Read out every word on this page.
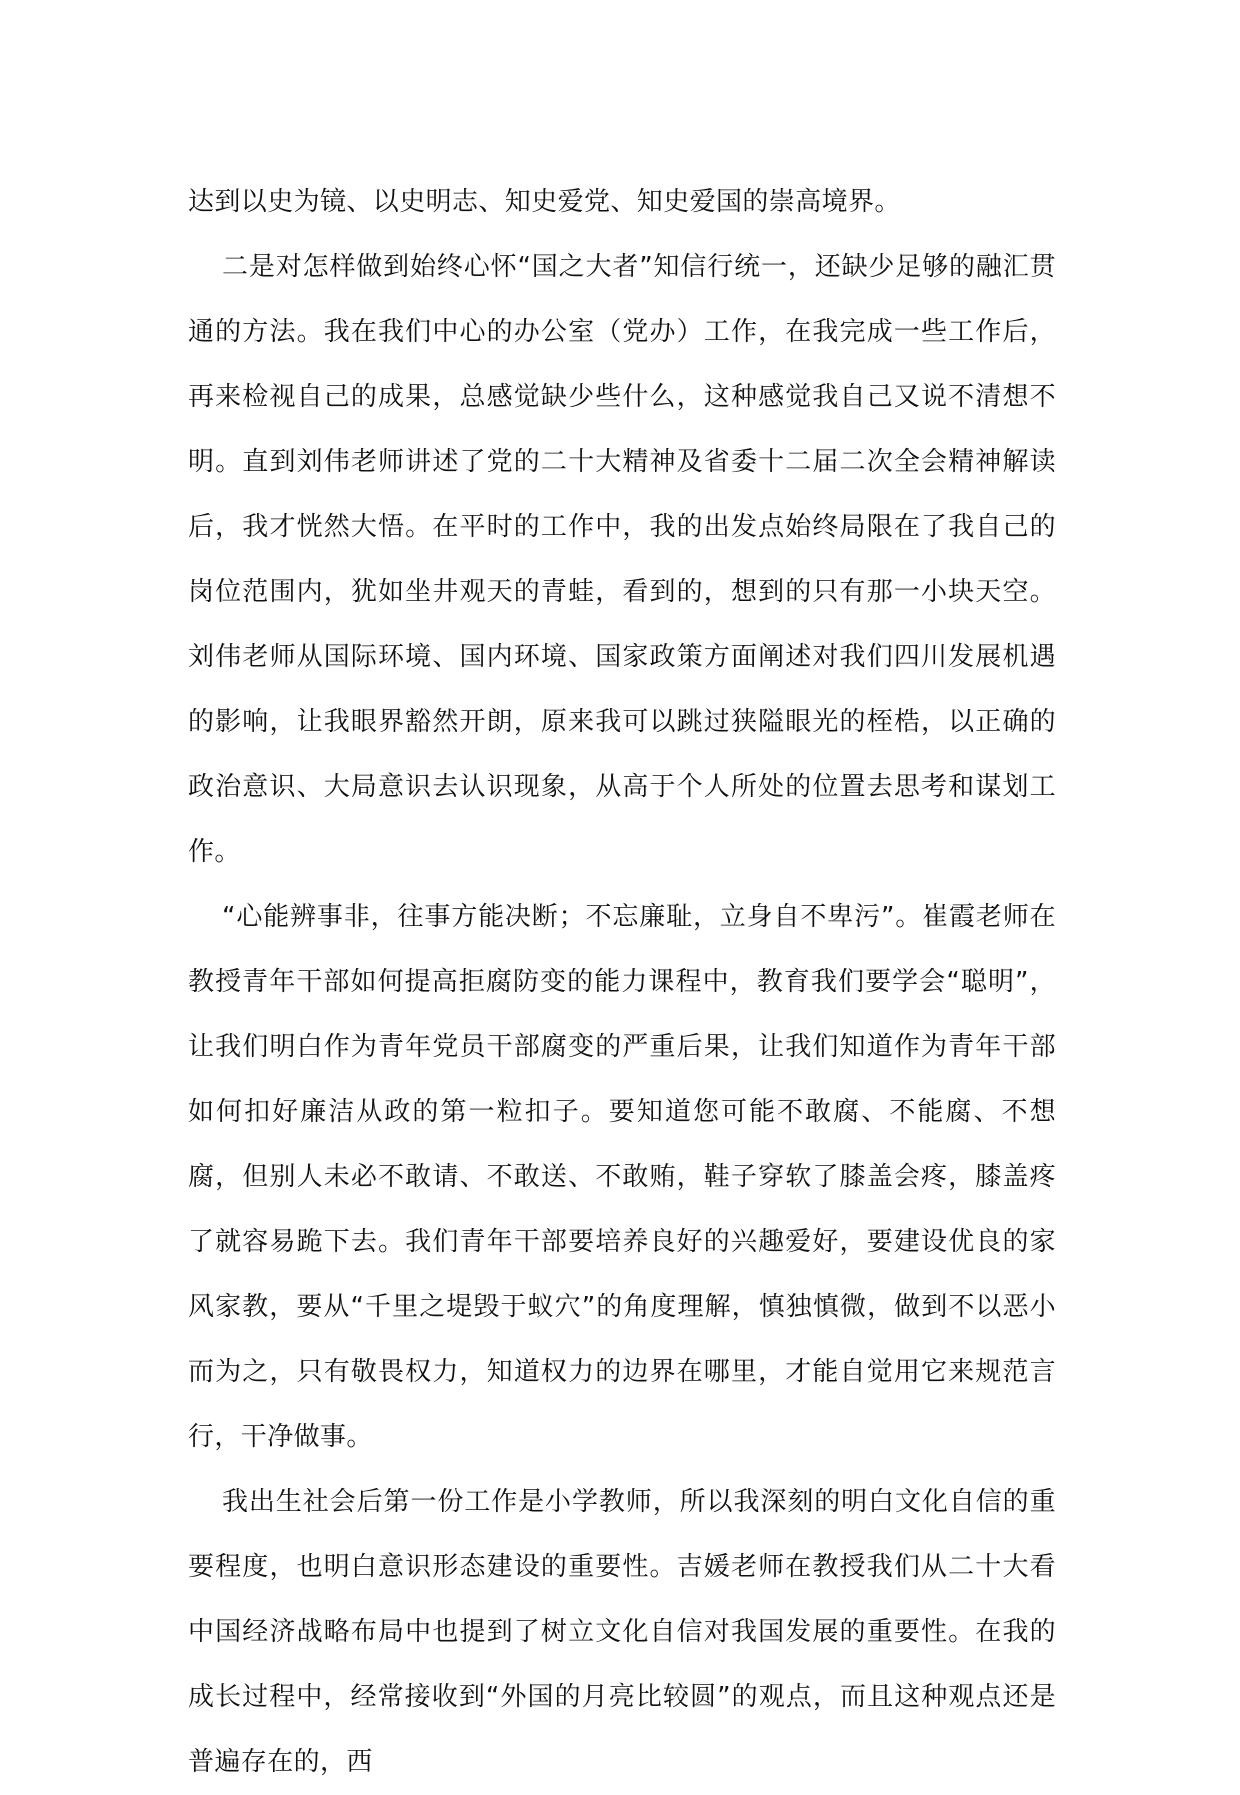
达到以史为镜、以史明志、知史爱党、知史爱国的崇高境界。

二是对怎样做到始终心怀“国之大者”知信行统一，还缺少足够的融汇贯通的方法。我在我们中心的办公室（党办）工作，在我完成一些工作后，再来检视自己的成果，总感觉缺少些什么，这种感觉我自己又说不清想不明。直到刘伟老师讲述了党的二十大精神及省委十二届二次全会精神解读后，我才恍然大悟。在平时的工作中，我的出发点始终局限在了我自己的岗位范围内，犹如坐井观天的青蛙，看到的，想到的只有那一小块天空。刘伟老师从国际环境、国内环境、国家政策方面阐述对我们四川发展机遇的影响，让我眼界豁然开朗，原来我可以跳过狭隘眼光的桎梏，以正确的政治意识、大局意识去认识现象，从高于个人所处的位置去思考和谋划工作。

“心能辨事非，往事方能决断；不忘廉耻，立身自不卑污”。崔霞老师在教授青年干部如何提高拒腐防变的能力课程中，教育我们要学会“聪明”，让我们明白作为青年党员干部腐变的严重后果，让我们知道作为青年干部如何扣好廉洁从政的第一粒扣子。要知道您可能不敢腐、不能腐、不想腐，但别人未必不敢请、不敢送、不敢贿，鞋子穿软了膝盖会疼，膝盖疼了就容易跪下去。我们青年干部要培养良好的兴趣爱好，要建设优良的家风家教，要从“千里之堤毁于蚁穴”的角度理解，慎独慎微，做到不以恶小而为之，只有敬畏权力，知道权力的边界在哪里，才能自觉用它来规范言行，干净做事。

我出生社会后第一份工作是小学教师，所以我深刻的明白文化自信的重要程度，也明白意识形态建设的重要性。吉媛老师在教授我们从二十大看中国经济战略布局中也提到了树立文化自信对我国发展的重要性。在我的成长过程中，经常接收到“外国的月亮比较圆”的观点，而且这种观点还是普遍存在的，西
